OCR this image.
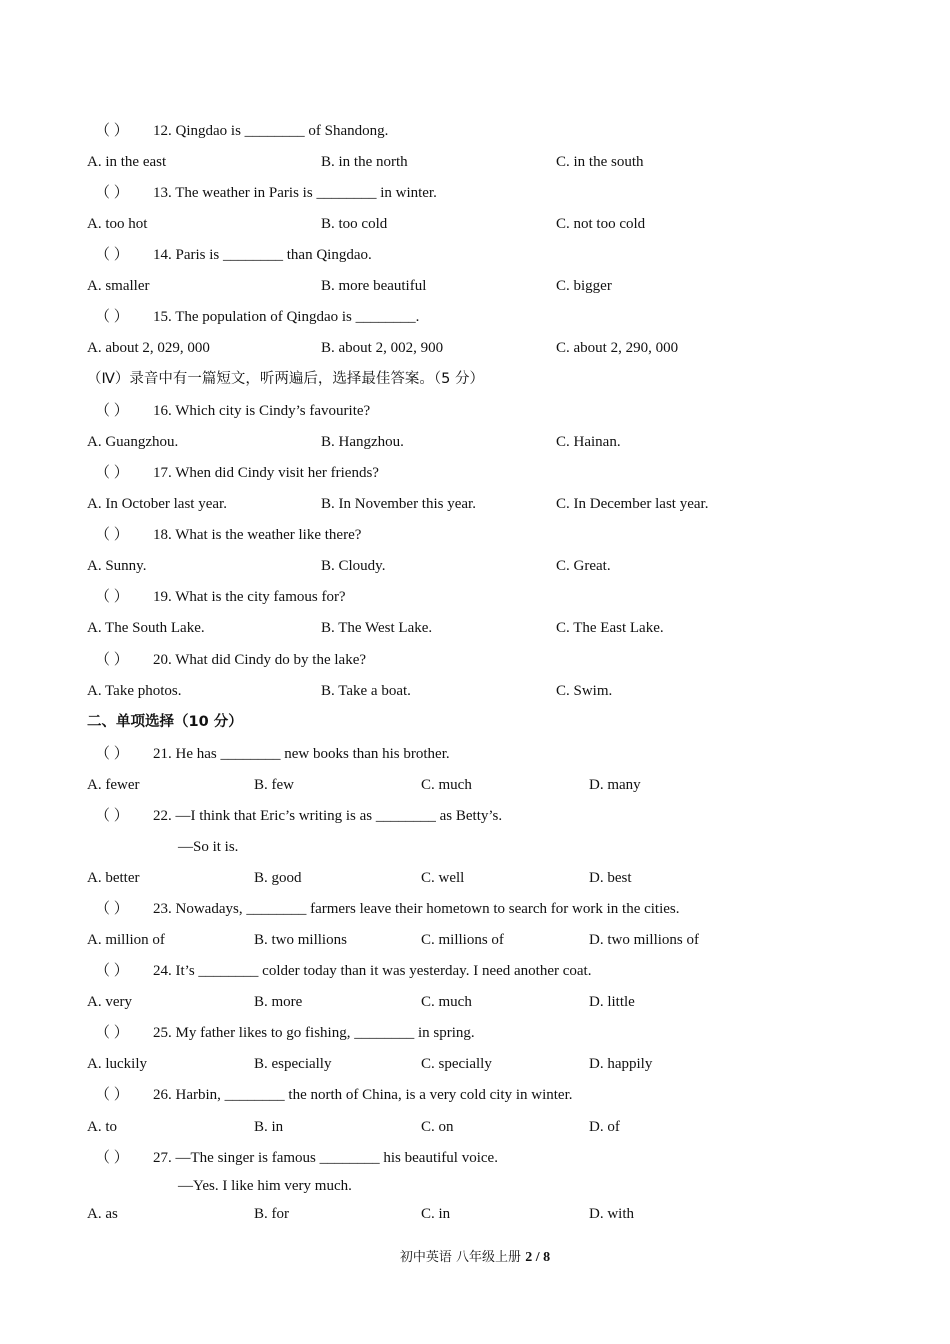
（ ） 12. Qingdao is ________ of Shandong.
A. in the east	B. in the north	C. in the south
（ ） 13. The weather in Paris is ________ in winter.
A. too hot	B. too cold	C. not too cold
（ ） 14. Paris is ________ than Qingdao.
A. smaller	B. more beautiful	C. bigger
（ ） 15. The population of Qingdao is ________.
A. about 2, 029, 000	B. about 2, 002, 900	C. about 2, 290, 000
（Ⅳ）录音中有一篇短文，听两遍后，选择最佳答案。（5 分）
（ ） 16. Which city is Cindy’s favourite?
A. Guangzhou.	B. Hangzhou.	C. Hainan.
（ ） 17. When did Cindy visit her friends?
A. In October last year.	B. In November this year.	C. In December last year.
（ ） 18. What is the weather like there?
A. Sunny.	B. Cloudy.	C. Great.
（ ） 19. What is the city famous for?
A. The South Lake.	B. The West Lake.	C. The East Lake.
（ ） 20. What did Cindy do by the lake?
A. Take photos.	B. Take a boat.	C. Swim.
二、单项选择（10 分）
（ ） 21. He has ________ new books than his brother.
A. fewer	B. few	C. much	D. many
（ ） 22. —I think that Eric’s writing is as ________ as Betty’s.
—So it is.
A. better	B. good	C. well	D. best
（ ） 23. Nowadays, ________ farmers leave their hometown to search for work in the cities.
A. million of	B. two millions	C. millions of	D. two millions of
（ ） 24. It’s ________ colder today than it was yesterday. I need another coat.
A. very	B. more	C. much	D. little
（ ） 25. My father likes to go fishing, ________ in spring.
A. luckily	B. especially	C. specially	D. happily
（ ） 26. Harbin, ________ the north of China, is a very cold city in winter.
A. to	B. in	C. on	D. of
（ ） 27. —The singer is famous ________ his beautiful voice.
—Yes. I like him very much.
A. as	B. for	C. in	D. with
初中英语 八年级上册 2 / 8
